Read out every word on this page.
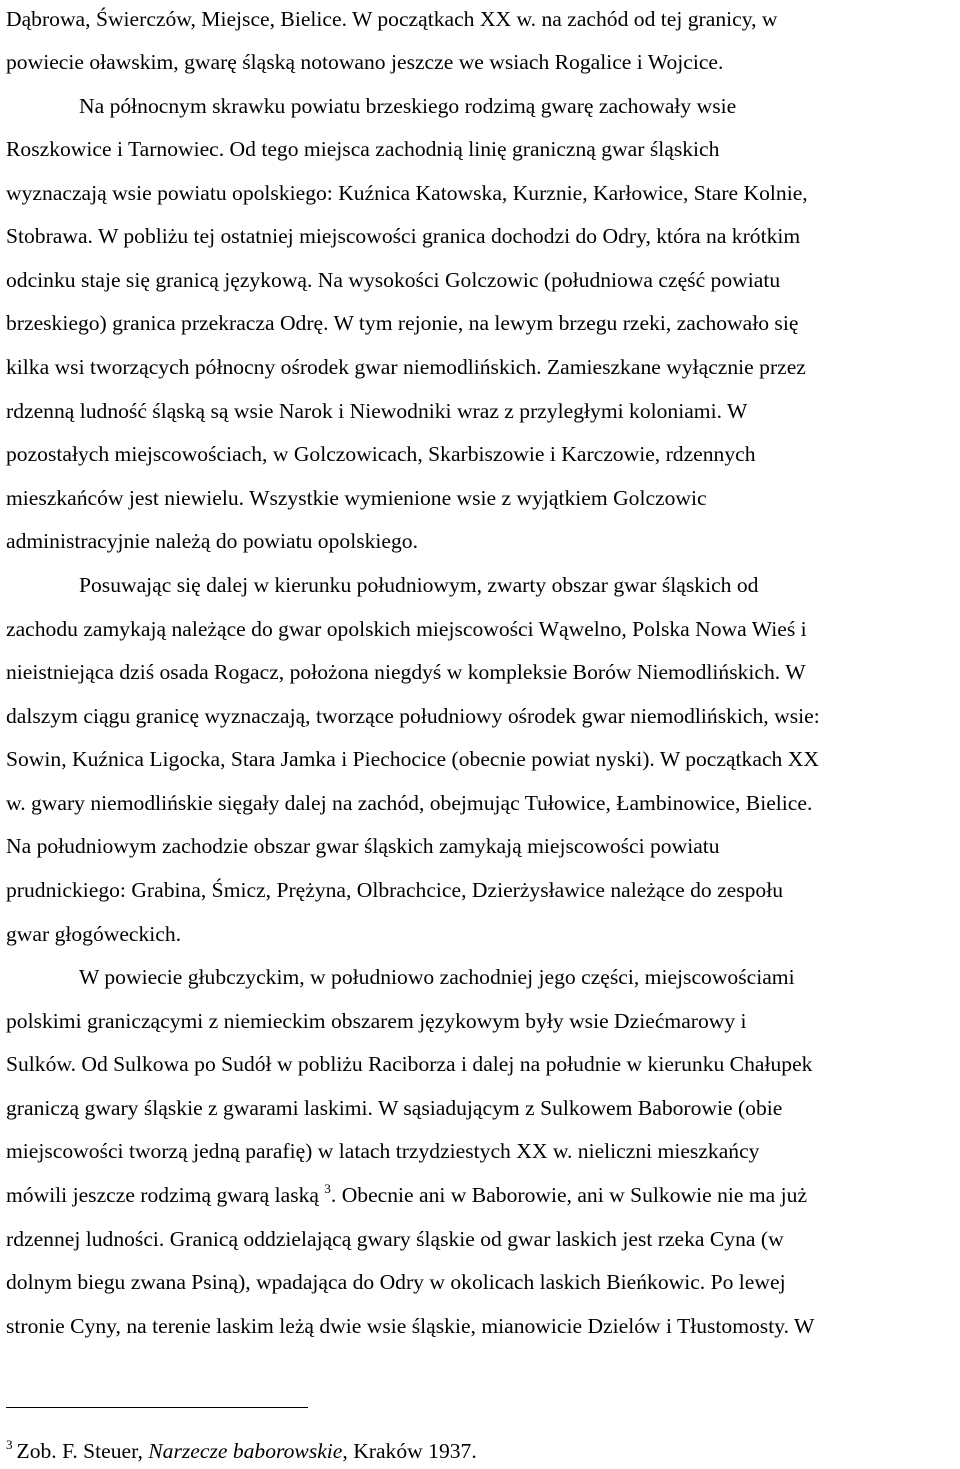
Dąbrowa, Świerczów, Miejsce, Bielice. W początkach XX w. na zachód od tej granicy, w
powiecie oławskim, gwarę śląską notowano jeszcze we wsiach Rogalice i Wojcice.
Na północnym skrawku powiatu brzeskiego rodzimą gwarę zachowały wsie
Roszkowice i Tarnowiec. Od tego miejsca zachodnią linię graniczną gwar śląskich
wyznaczają wsie powiatu opolskiego: Kuźnica Katowska, Kurznie, Karłowice, Stare Kolnie,
Stobrawa. W pobliżu tej ostatniej miejscowości granica dochodzi do Odry, która na krótkim
odcinku staje się granicą językową. Na wysokości Golczowic (południowa część powiatu
brzeskiego) granica przekracza Odrę. W tym rejonie, na lewym brzegu rzeki, zachowało się
kilka wsi tworzących północny ośrodek gwar niemodlińskich. Zamieszkane wyłącznie przez
rdzenną ludność śląską są wsie Narok i Niewodniki wraz z przyległymi koloniami. W
pozostałych miejscowościach, w Golczowicach, Skarbiszowie i Karczowie, rdzennych
mieszkańców jest niewielu. Wszystkie wymienione wsie z wyjątkiem Golczowic
administracyjnie należą do powiatu opolskiego.
Posuwając się dalej w kierunku południowym, zwarty obszar gwar śląskich od
zachodu zamykają należące do gwar opolskich miejscowości Wąwelno, Polska Nowa Wieś i
nieistniejąca dziś osada Rogacz, położona niegdyś w kompleksie Borów Niemodlińskich. W
dalszym ciągu granicę wyznaczają, tworzące południowy ośrodek gwar niemodlińskich, wsie:
Sowin, Kuźnica Ligocka, Stara Jamka i Piechocice (obecnie powiat nyski). W początkach XX
w. gwary niemodlińskie sięgały dalej na zachód, obejmując Tułowice, Łambinowice, Bielice.
Na południowym zachodzie obszar gwar śląskich zamykają miejscowości powiatu
prudnickiego: Grabina, Śmicz, Prężyna, Olbrachcice, Dzierżysławice należące do zespołu
gwar głogóweckich.
W powiecie głubczyckim, w południowo zachodniej jego części, miejscowościami
polskimi graniczącymi z niemieckim obszarem językowym były wsie Dziećmarowy i
Sulków. Od Sulkowa po Sudół w pobliżu Raciborza i dalej na południe w kierunku Chałupek
graniczą gwary śląskie z gwarami laskimi. W sąsiadującym z Sulkowem Baborowie (obie
miejscowości tworzą jedną parafię) w latach trzydziestych XX w. nieliczni mieszkańcy
mówili jeszcze rodzimą gwarą laską $^3$. Obecnie ani w Baborowie, ani w Sulkowie nie ma już
rdzennej ludności. Granicą oddzielającą gwary śląskie od gwar laskich jest rzeka Cyna (w
dolnym biegu zwana Psiną), wpadająca do Odry w okolicach laskich Bieńkowic. Po lewej
stronie Cyny, na terenie laskim leżą dwie wsie śląskie, mianowicie Dzielów i Tłustomosty. W
$^3$ Zob. F. Steuer, Narzecze baborowskie, Kraków 1937.
